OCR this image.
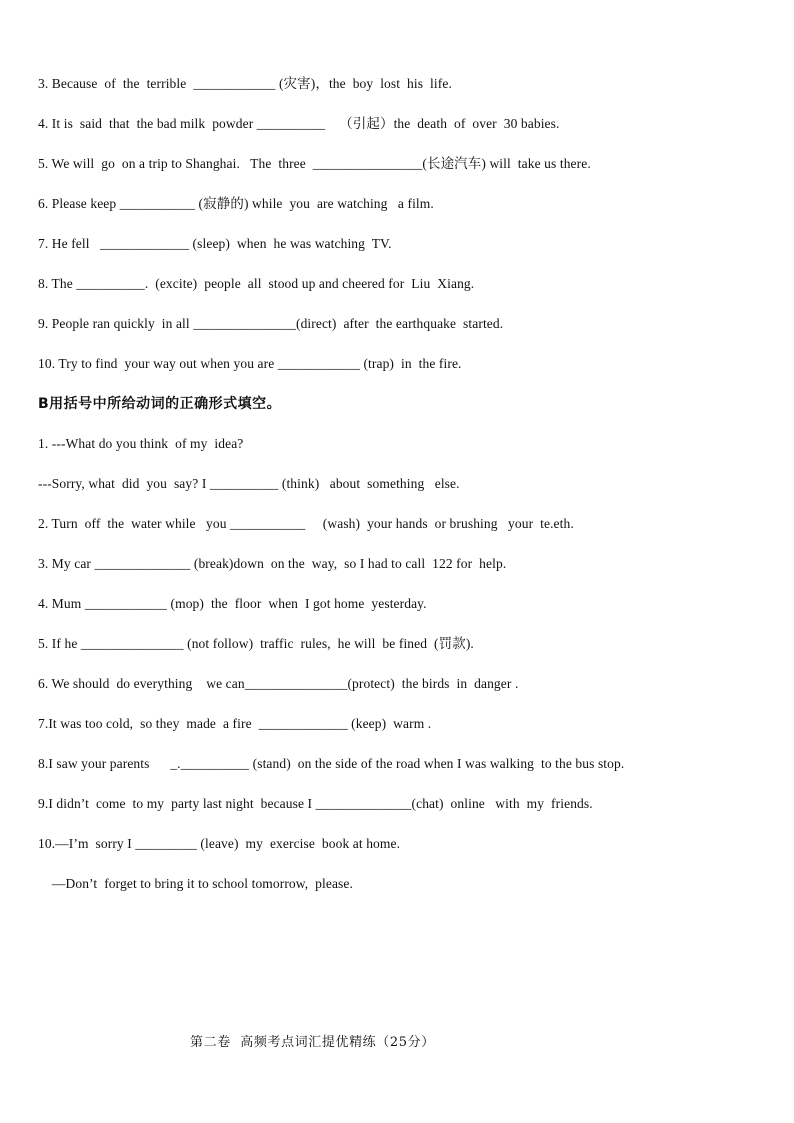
3. Because  of  the  terrible  ____________ (灾害)，the  boy  lost  his  life.
4. It is  said  that  the bad milk  powder __________    （引起）the  death  of  over  30 babies.
5. We will  go  on a trip to Shanghai.   The  three  ________________(长途汽车) will  take us there.
6. Please keep ___________ (寂静的) while  you  are watching   a film.
7. He fell   _____________ (sleep)  when  he was watching  TV.
8. The __________.  (excite)  people  all  stood up and cheered for  Liu  Xiang.
9. People ran quickly  in all _______________(direct)  after  the earthquake  started.
10. Try to find  your way out when you are ____________ (trap)  in  the fire.
B用括号中所给动词的正确形式填空。
1. ---What do you think  of my  idea?
---Sorry, what  did  you  say? I __________ (think)   about  something   else.
2. Turn  off  the  water while   you ___________     (wash)  your hands  or brushing   your  te.eth.
3. My car ______________ (break)down  on the  way,  so I had to call  122 for  help.
4. Mum ____________ (mop)  the  floor  when  I got home  yesterday.
5. If he _______________ (not follow)  traffic  rules,  he will  be fined  (罚款).
6. We should  do everything    we can_______________(protect)  the birds  in  danger .
7.It was too cold,  so they  made  a fire  _____________ (keep)  warm .
8.I saw your parents      _.__________ (stand)  on the side of the road when I was walking  to the bus stop.
9.I didn’t  come  to my  party last night  because I ______________(chat)  online   with  my  friends.
10.—I’m  sorry I _________ (leave)  my  exercise  book at home.
—Don’t  forget to bring it to school tomorrow,  please.
第二卷  高频考点词汇提优精练（25分）
